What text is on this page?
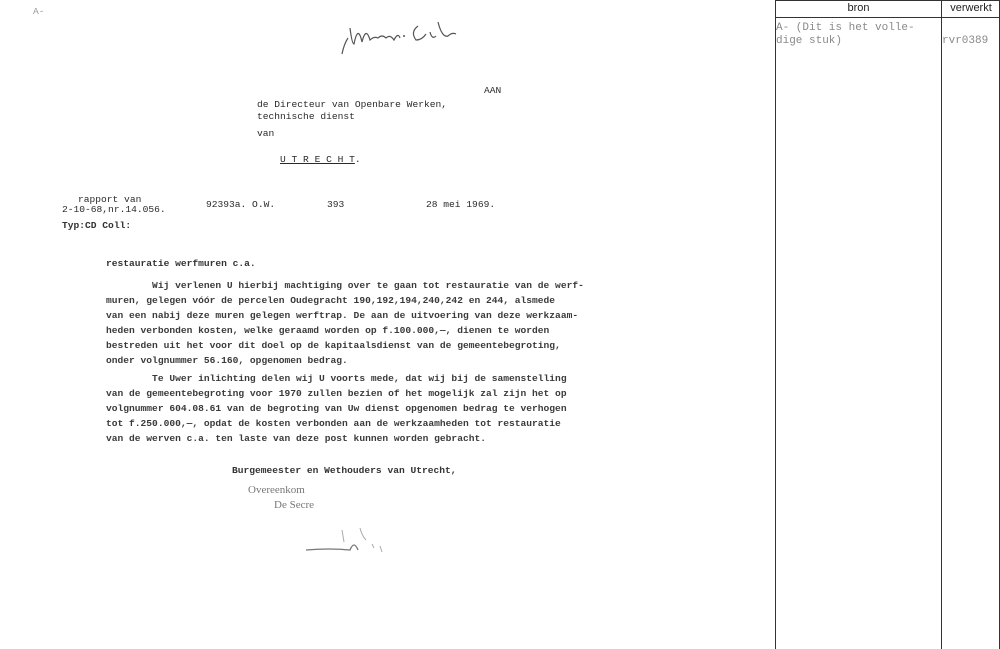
A-
AAN
de Directeur van Openbare Werken,
technische dienst
van

U T R E C H T.

rapport van
2-10-68,nr.14.056.	92393a. O.W.	393	28 mei 1969.
Typ:CD Coll:
restauratie werfmuren c.a.
Wij verlenen U hierbij machtiging over te gaan tot restauratie van de werf-
muren, gelegen vóór de percelen Oudegracht 190,192,194,240,242 en 244, alsmede
van een nabij deze muren gelegen werftrap. De aan de uitvoering van deze werkzaam-
heden verbonden kosten, welke geraamd worden op f.100.000,—, dienen te worden
bestreden uit het voor dit doel op de kapitaalsdienst van de gemeentebegroting,
onder volgnummer 56.160, opgenomen bedrag.
Te Uwer inlichting delen wij U voorts mede, dat wij bij de samenstelling
van de gemeentebegroting voor 1970 zullen bezien of het mogelijk zal zijn het op
volgnummer 604.08.61 van de begroting van Uw dienst opgenomen bedrag te verhogen
tot f.250.000,—, opdat de kosten verbonden aan de werkzaamheden tot restauratie
van de werven c.a. ten laste van deze post kunnen worden gebracht.
Burgemeester en Wethouders van Utrecht,
Overeenkom
De Secre
bron	verwerkt
A- (Dit is het volle-
dige stuk)	rvr0389
